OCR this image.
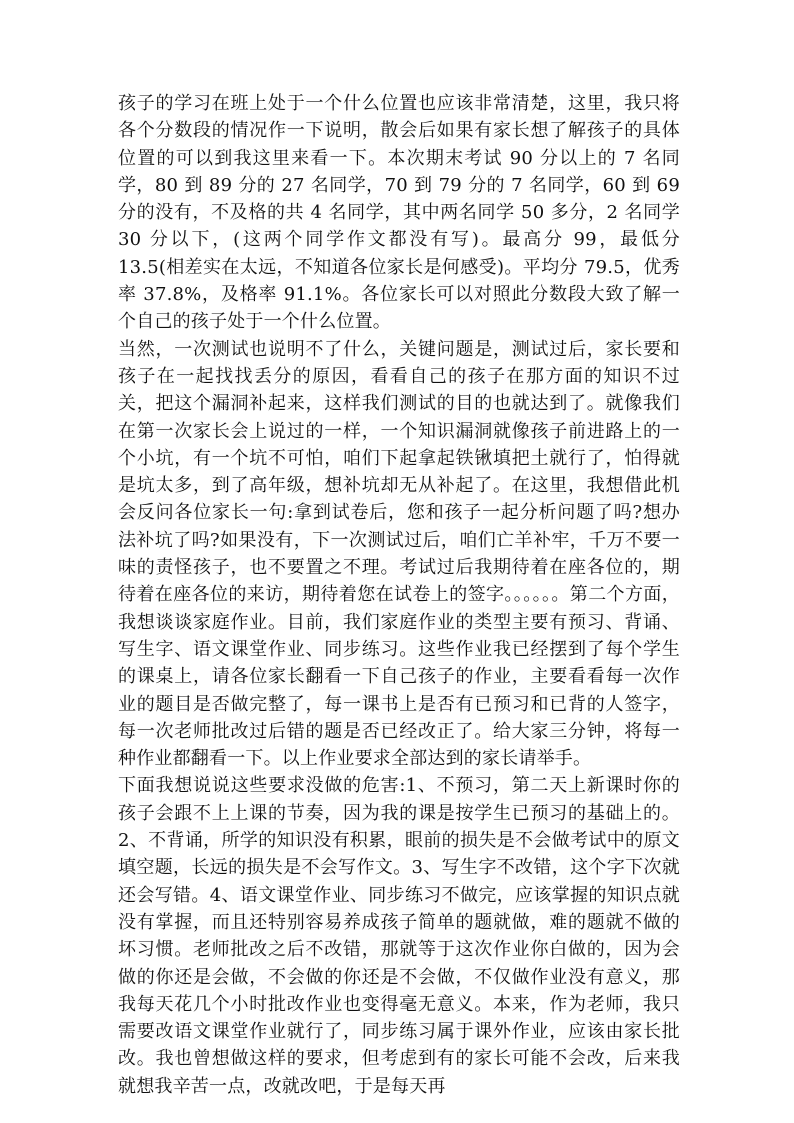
孩子的学习在班上处于一个什么位置也应该非常清楚，这里，我只将各个分数段的情况作一下说明，散会后如果有家长想了解孩子的具体位置的可以到我这里来看一下。本次期末考试 90 分以上的 7 名同学，80 到 89 分的 27 名同学，70 到 79 分的 7 名同学，60 到 69 分的没有，不及格的共 4 名同学，其中两名同学 50 多分，2 名同学 30 分以下，(这两个同学作文都没有写)。最高分 99，最低分 13.5(相差实在太远，不知道各位家长是何感受)。平均分 79.5，优秀率 37.8%，及格率 91.1%。各位家长可以对照此分数段大致了解一个自己的孩子处于一个什么位置。

当然，一次测试也说明不了什么，关键问题是，测试过后，家长要和孩子在一起找找丢分的原因，看看自己的孩子在那方面的知识不过关，把这个漏洞补起来，这样我们测试的目的也就达到了。就像我们在第一次家长会上说过的一样，一个知识漏洞就像孩子前进路上的一个小坑，有一个坑不可怕，咱们下起拿起铁锹填把土就行了，怕得就是坑太多，到了高年级，想补坑却无从补起了。在这里，我想借此机会反问各位家长一句:拿到试卷后，您和孩子一起分析问题了吗?想办法补坑了吗?如果没有，下一次测试过后，咱们亡羊补牢，千万不要一味的责怪孩子，也不要置之不理。考试过后我期待着在座各位的，期待着在座各位的来访，期待着您在试卷上的签字。。。。。。第二个方面，我想谈谈家庭作业。目前，我们家庭作业的类型主要有预习、背诵、写生字、语文课堂作业、同步练习。这些作业我已经摆到了每个学生的课桌上，请各位家长翻看一下自己孩子的作业，主要看看每一次作业的题目是否做完整了，每一课书上是否有已预习和已背的人签字，每一次老师批改过后错的题是否已经改正了。给大家三分钟，将每一种作业都翻看一下。以上作业要求全部达到的家长请举手。

下面我想说说这些要求没做的危害:1、不预习，第二天上新课时你的孩子会跟不上上课的节奏，因为我的课是按学生已预习的基础上的。2、不背诵，所学的知识没有积累，眼前的损失是不会做考试中的原文填空题，长远的损失是不会写作文。3、写生字不改错，这个字下次就还会写错。4、语文课堂作业、同步练习不做完，应该掌握的知识点就没有掌握，而且还特别容易养成孩子简单的题就做，难的题就不做的坏习惯。老师批改之后不改错，那就等于这次作业你白做的，因为会做的你还是会做，不会做的你还是不会做，不仅做作业没有意义，那我每天花几个小时批改作业也变得毫无意义。本来，作为老师，我只需要改语文课堂作业就行了，同步练习属于课外作业，应该由家长批改。我也曾想做这样的要求，但考虑到有的家长可能不会改，后来我就想我辛苦一点，改就改吧，于是每天再
